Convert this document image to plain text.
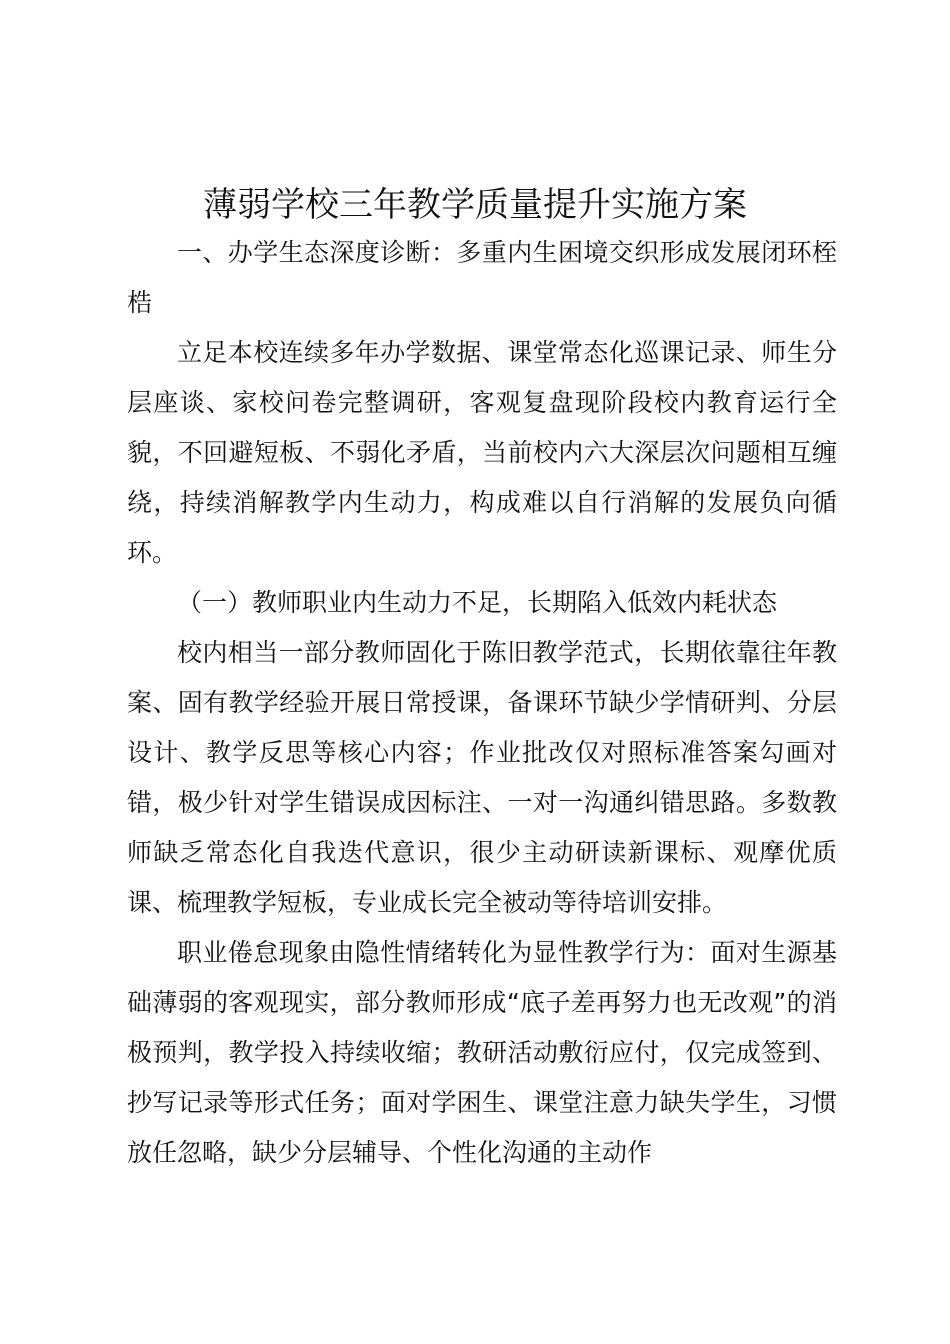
薄弱学校三年教学质量提升实施方案

一、办学生态深度诊断：多重内生困境交织形成发展闭环桎梏

立足本校连续多年办学数据、课堂常态化巡课记录、师生分层座谈、家校问卷完整调研，客观复盘现阶段校内教育运行全貌，不回避短板、不弱化矛盾，当前校内六大深层次问题相互缠绕，持续消解教学内生动力，构成难以自行消解的发展负向循环。

（一）教师职业内生动力不足，长期陷入低效内耗状态

校内相当一部分教师固化于陈旧教学范式，长期依靠往年教案、固有教学经验开展日常授课，备课环节缺少学情研判、分层设计、教学反思等核心内容；作业批改仅对照标准答案勾画对错，极少针对学生错误成因标注、一对一沟通纠错思路。多数教师缺乏常态化自我迭代意识，很少主动研读新课标、观摩优质课、梳理教学短板，专业成长完全被动等待培训安排。

职业倦怠现象由隐性情绪转化为显性教学行为：面对生源基础薄弱的客观现实，部分教师形成“底子差再努力也无改观”的消极预判，教学投入持续收缩；教研活动敷衍应付，仅完成签到、抄写记录等形式任务；面对学困生、课堂注意力缺失学生，习惯放任忽略，缺少分层辅导、个性化沟通的主动作
